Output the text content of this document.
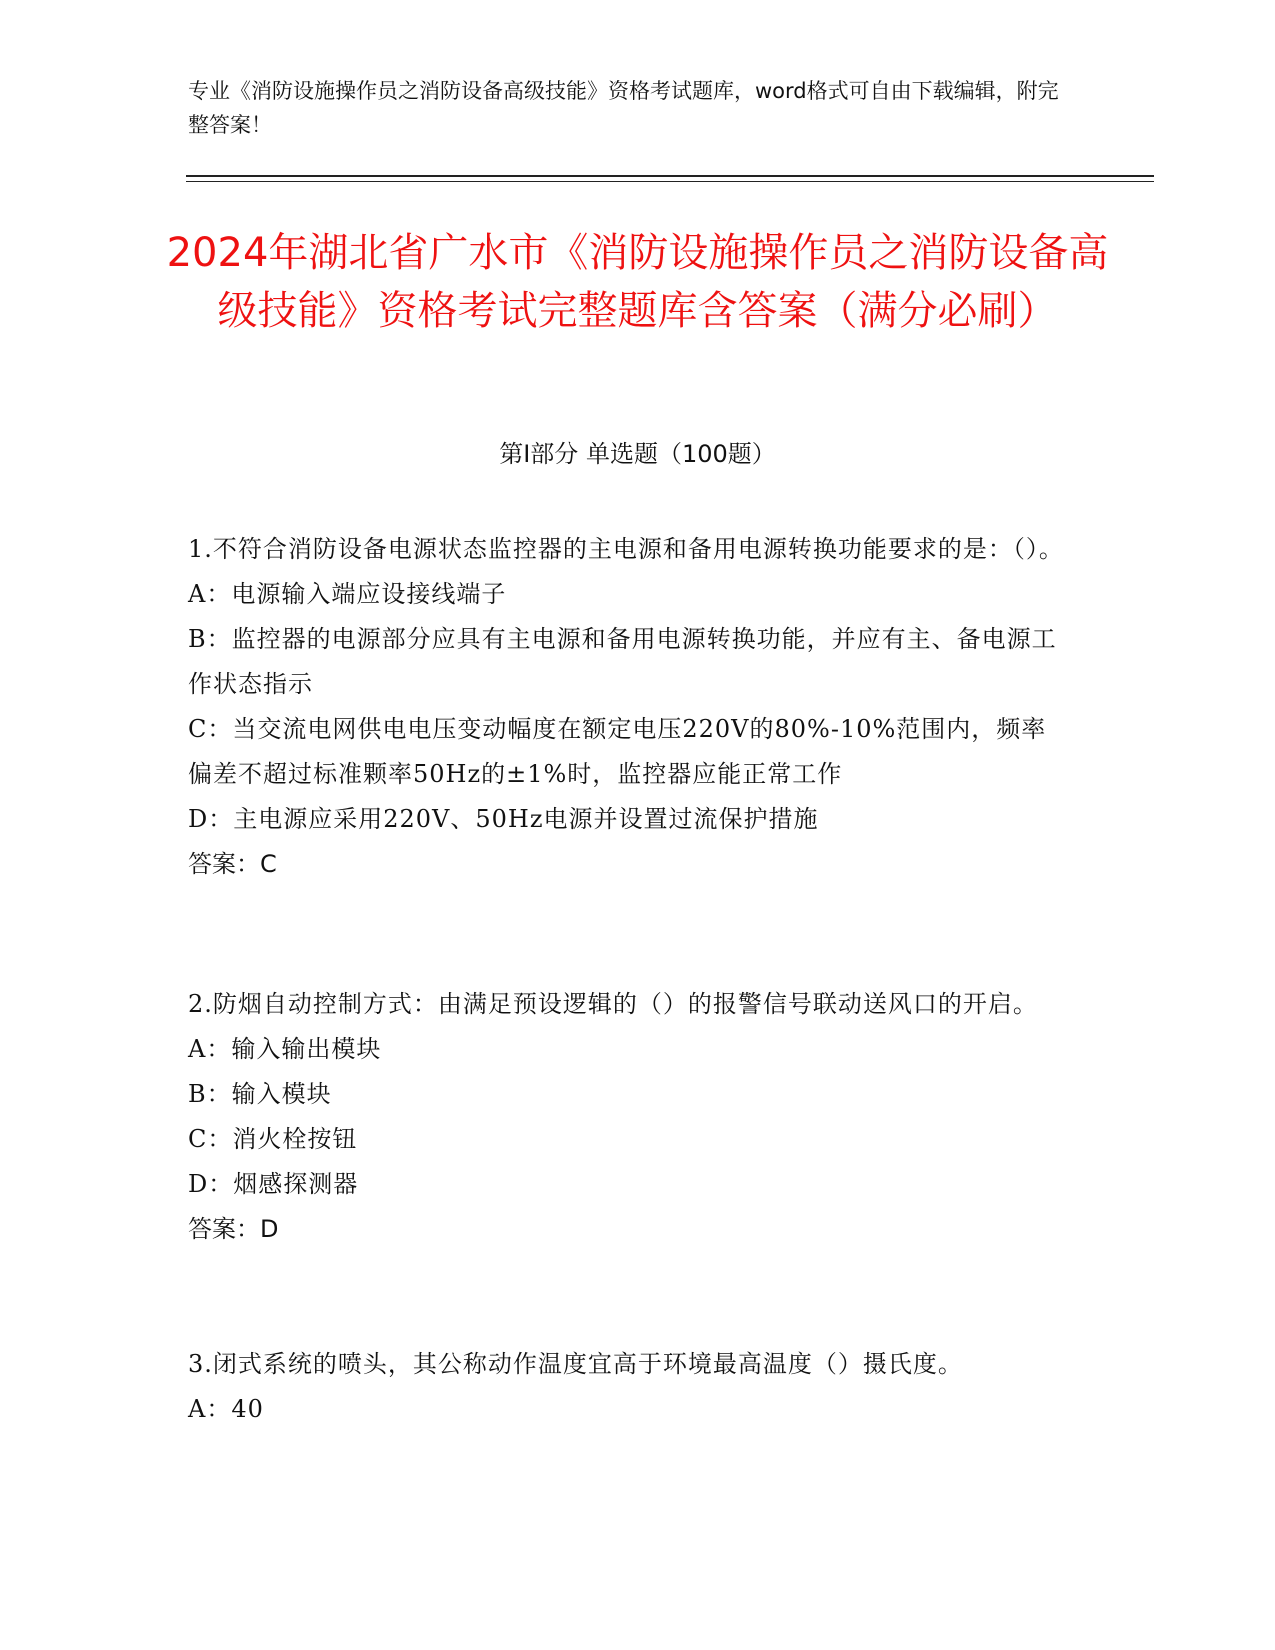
专业《消防设施操作员之消防设备高级技能》资格考试题库，word格式可自由下载编辑，附完整答案！
2024年湖北省广水市《消防设施操作员之消防设备高级技能》资格考试完整题库含答案（满分必刷）
第Ⅰ部分 单选题（100题）

1.不符合消防设备电源状态监控器的主电源和备用电源转换功能要求的是：（）。

A：电源输入端应设接线端子

B：监控器的电源部分应具有主电源和备用电源转换功能，并应有主、备电源工作状态指示

C：当交流电网供电电压变动幅度在额定电压220V的80%-10%范围内，频率偏差不超过标准颗率50Hz的±1%时，监控器应能正常工作

D：主电源应采用220V、50Hz电源并设置过流保护措施

答案：C

2.防烟自动控制方式：由满足预设逻辑的（）的报警信号联动送风口的开启。

A：输入输出模块

B：输入模块

C：消火栓按钮

D：烟感探测器

答案：D

3.闭式系统的喷头，其公称动作温度宜高于环境最高温度（）摄氏度。

A：40
